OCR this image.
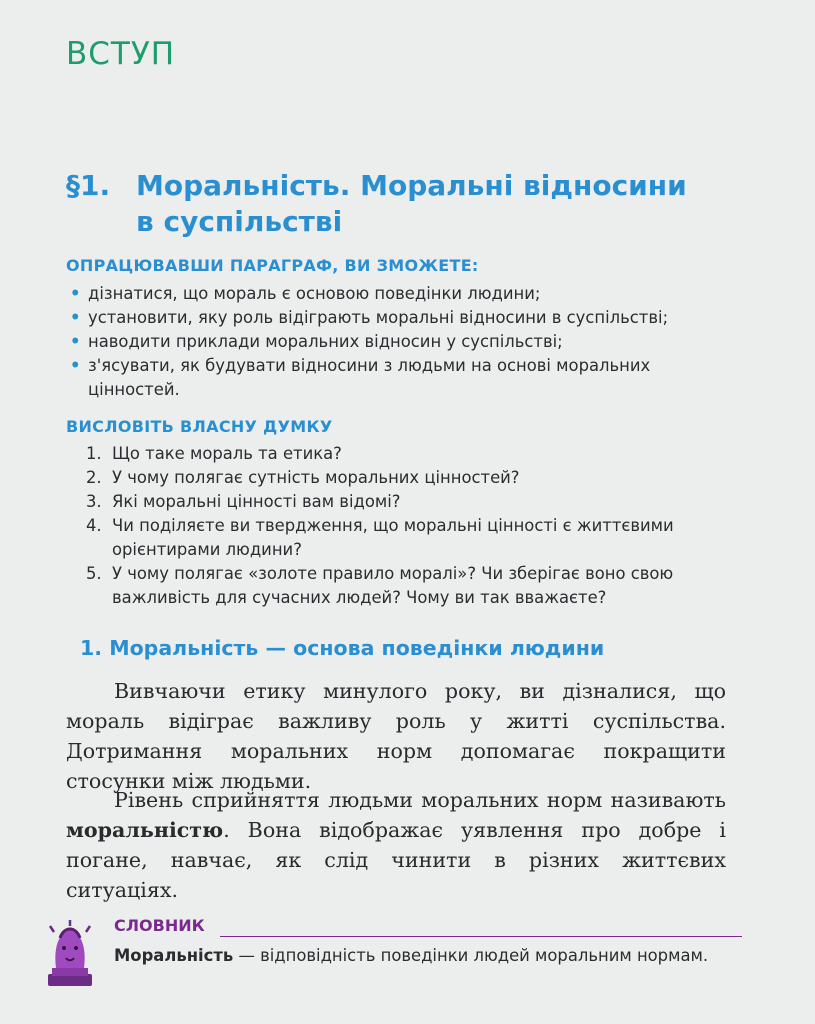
ВСТУП
§1. Моральність. Моральні відносини
в суспільстві
ОПРАЦЮВАВШИ ПАРАГРАФ, ВИ ЗМОЖЕТЕ:
• дізнатися, що мораль є основою поведінки людини;
• установити, яку роль відіграють моральні відносини в суспільстві;
• наводити приклади моральних відносин у суспільстві;
• з'ясувати, як будувати відносини з людьми на основі моральних цінностей.
ВИСЛОВІТЬ ВЛАСНУ ДУМКУ
1. Що таке мораль та етика?
2. У чому полягає сутність моральних цінностей?
3. Які моральні цінності вам відомі?
4. Чи поділяєте ви твердження, що моральні цінності є життєвими орієнтирами людини?
5. У чому полягає «золоте правило моралі»? Чи зберігає воно свою важливість для сучасних людей? Чому ви так вважаєте?
1. Моральність — основа поведінки людини

Вивчаючи етику минулого року, ви дізналися, що мораль відіграє важливу роль у житті суспільства. Дотримання моральних норм допомагає покращити стосунки між людьми.

Рівень сприйняття людьми моральних норм називають моральністю. Вона відображає уявлення про добре і погане, навчає, як слід чинити в різних життєвих ситуаціях.

СЛОВНИК
Моральність — відповідність поведінки людей моральним нормам.
